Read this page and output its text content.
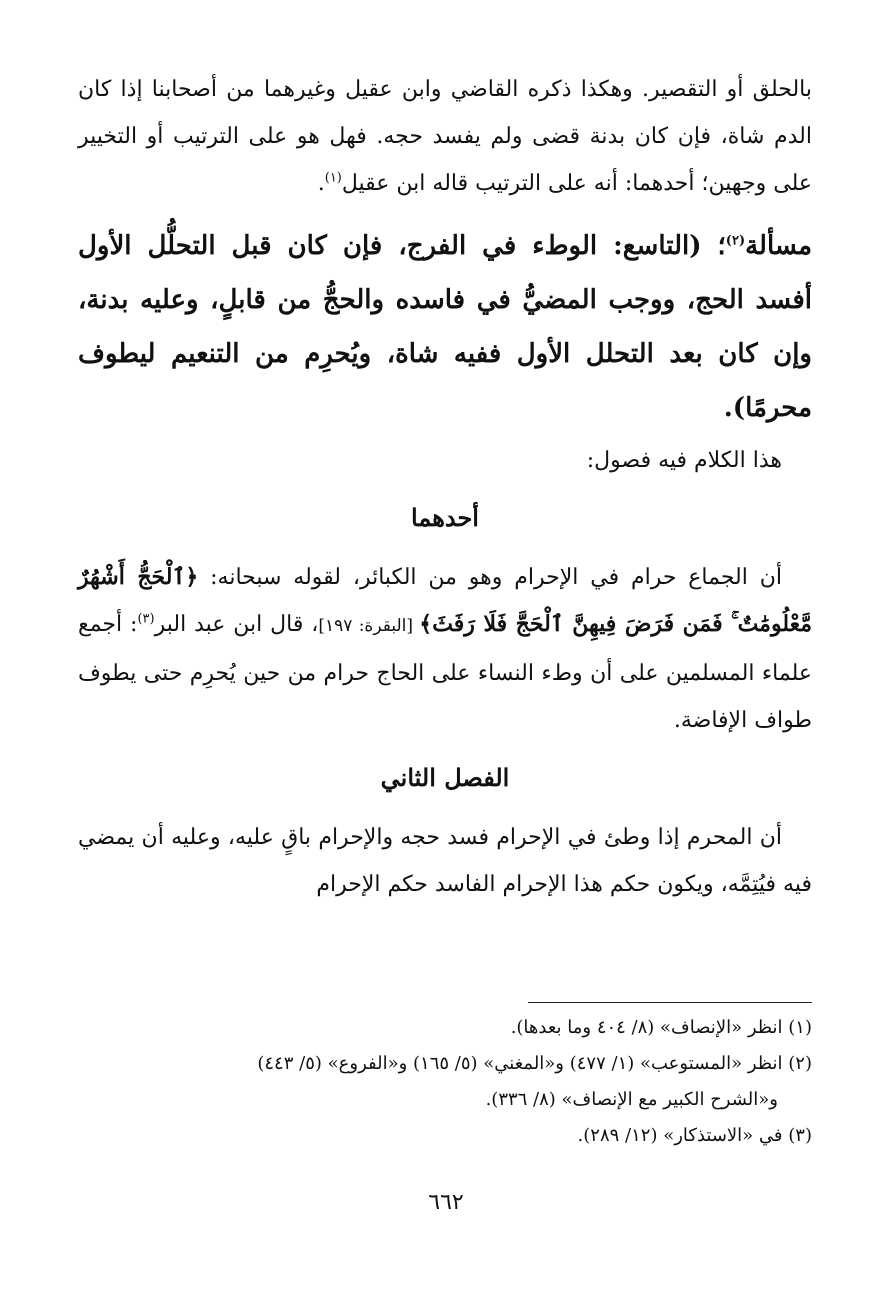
بالحلق أو التقصير. وهكذا ذكره القاضي وابن عقيل وغيرهما من أصحابنا إذا كان الدم شاة، فإن كان بدنة قضى ولم يفسد حجه. فهل هو على الترتيب أو التخيير على وجهين؛ أحدهما: أنه على الترتيب قاله ابن عقيل$^{(١)}$.

مسألة$^{(٢)}$؛ (التاسع: الوطء في الفرج، فإن كان قبل التحلُّل الأول أفسد الحج، ووجب المضيُّ في فاسده والحجُّ من قابلٍ، وعليه بدنة، وإن كان بعد التحلل الأول ففيه شاة، ويُحرِم من التنعيم ليطوف محرمًا).

هذا الكلام فيه فصول:

أحدهما

أن الجماع حرام في الإحرام وهو من الكبائر، لقوله سبحانه: ﴿ٱلْحَجُّ أَشْهُرٌ مَّعْلُومَٰتٌ ۚ فَمَن فَرَضَ فِيهِنَّ ٱلْحَجَّ فَلَا رَفَثَ﴾ [البقرة: ١٩٧]، قال ابن عبد البر$^{(٣)}$: أجمع علماء المسلمين على أن وطء النساء على الحاج حرام من حين يُحرِم حتى يطوف طواف الإفاضة.

الفصل الثاني

أن المحرم إذا وطئ في الإحرام فسد حجه والإحرام باقٍ عليه، وعليه أن يمضي فيه فيُتِمَّه، ويكون حكم هذا الإحرام الفاسد حكم الإحرام

(١) انظر «الإنصاف» (٨/ ٤٠٤ وما بعدها).

(٢) انظر «المستوعب» (١/ ٤٧٧) و«المغني» (٥/ ١٦٥) و«الفروع» (٥/ ٤٤٣)

و«الشرح الكبير مع الإنصاف» (٨/ ٣٣٦).

(٣) في «الاستذكار» (١٢/ ٢٨٩).

٦٦٢
